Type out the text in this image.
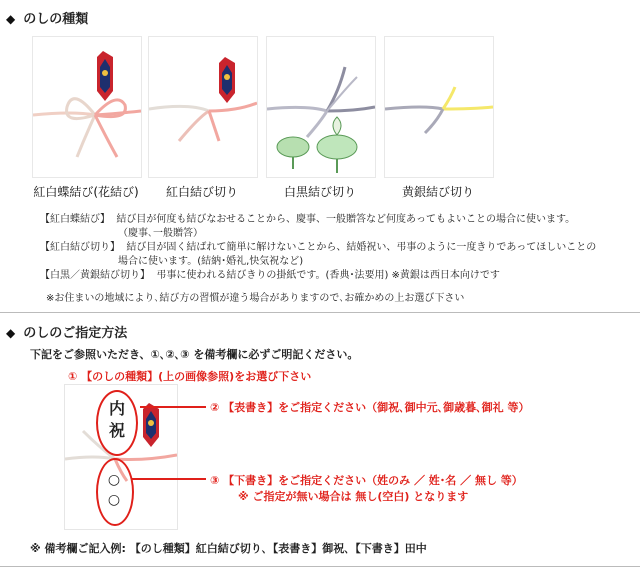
◆ のしの種類
紅白蝶結び(花結び)	紅白結び切り	白黒結び切り	黄銀結び切り
【紅白蝶結び】 結び目が何度も結びなおせることから、慶事、一般贈答など何度あってもよいことの場合に使います。
（慶事､一般贈答）
【紅白結び切り】 結び目が固く結ばれて簡単に解けないことから、結婚祝い、弔事のように一度きりであってほしいことの
場合に使います。(結納･婚礼,快気祝など)
【白黒／黄銀結び切り】 弔事に使われる結びきりの掛紙です。(香典･法要用) ※黄銀は西日本向けです
※お住まいの地域により､結び方の習慣が違う場合がありますので､お確かめの上お選び下さい
◆ のしのご指定方法
下記をご参照いただき、①､②､③ を備考欄に必ずご明記ください。
内
祝
○
○
① 【のしの種類】(上の画像参照)をお選び下さい
② 【表書き】をご指定ください（御祝､御中元､御歳暮､御礼 等）
③ 【下書き】をご指定ください（姓のみ ／ 姓･名 ／ 無し 等）
※ ご指定が無い場合は 無し(空白) となります
※ 備考欄ご記入例: 【のし種類】紅白結び切り､【表書き】御祝､【下書き】田中
